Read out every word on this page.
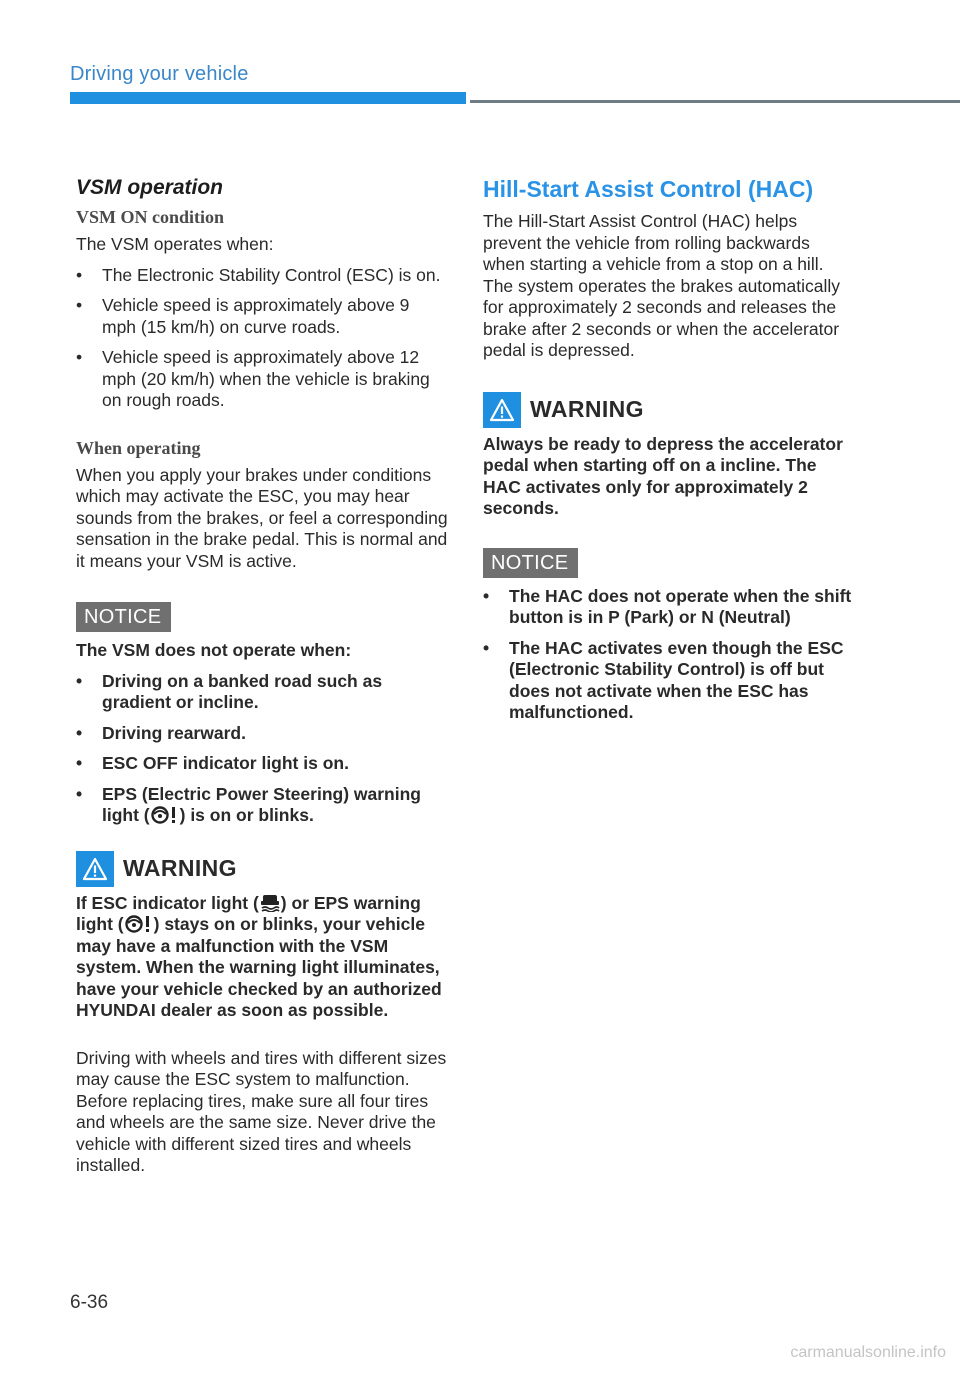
Driving your vehicle
VSM operation
VSM ON condition

The VSM operates when:

• The Electronic Stability Control (ESC) is on.
• Vehicle speed is approximately above 9 mph (15 km/h) on curve roads.
• Vehicle speed is approximately above 12 mph (20 km/h) when the vehicle is braking on rough roads.
When operating

When you apply your brakes under conditions which may activate the ESC, you may hear sounds from the brakes, or feel a corresponding sensation in the brake pedal. This is normal and it means your VSM is active.

NOTICE

The VSM does not operate when:

• Driving on a banked road such as gradient or incline.
• Driving rearward.
• ESC OFF indicator light is on.
• EPS (Electric Power Steering) warning light ( ) is on or blinks.
WARNING

If ESC indicator light ( ) or EPS warning light ( ) stays on or blinks, your vehicle may have a malfunction with the VSM system. When the warning light illuminates, have your vehicle checked by an authorized HYUNDAI dealer as soon as possible.

Driving with wheels and tires with different sizes may cause the ESC system to malfunction. Before replacing tires, make sure all four tires and wheels are the same size. Never drive the vehicle with different sized tires and wheels installed.

Hill-Start Assist Control (HAC)

The Hill-Start Assist Control (HAC) helps prevent the vehicle from rolling backwards when starting a vehicle from a stop on a hill. The system operates the brakes automatically for approximately 2 seconds and releases the brake after 2 seconds or when the accelerator pedal is depressed.

WARNING

Always be ready to depress the accelerator pedal when starting off on a incline. The HAC activates only for approximately 2 seconds.

NOTICE
• The HAC does not operate when the shift button is in P (Park) or N (Neutral)
• The HAC activates even though the ESC (Electronic Stability Control) is off but does not activate when the ESC has malfunctioned.
6-36
carmanualsonline.info
